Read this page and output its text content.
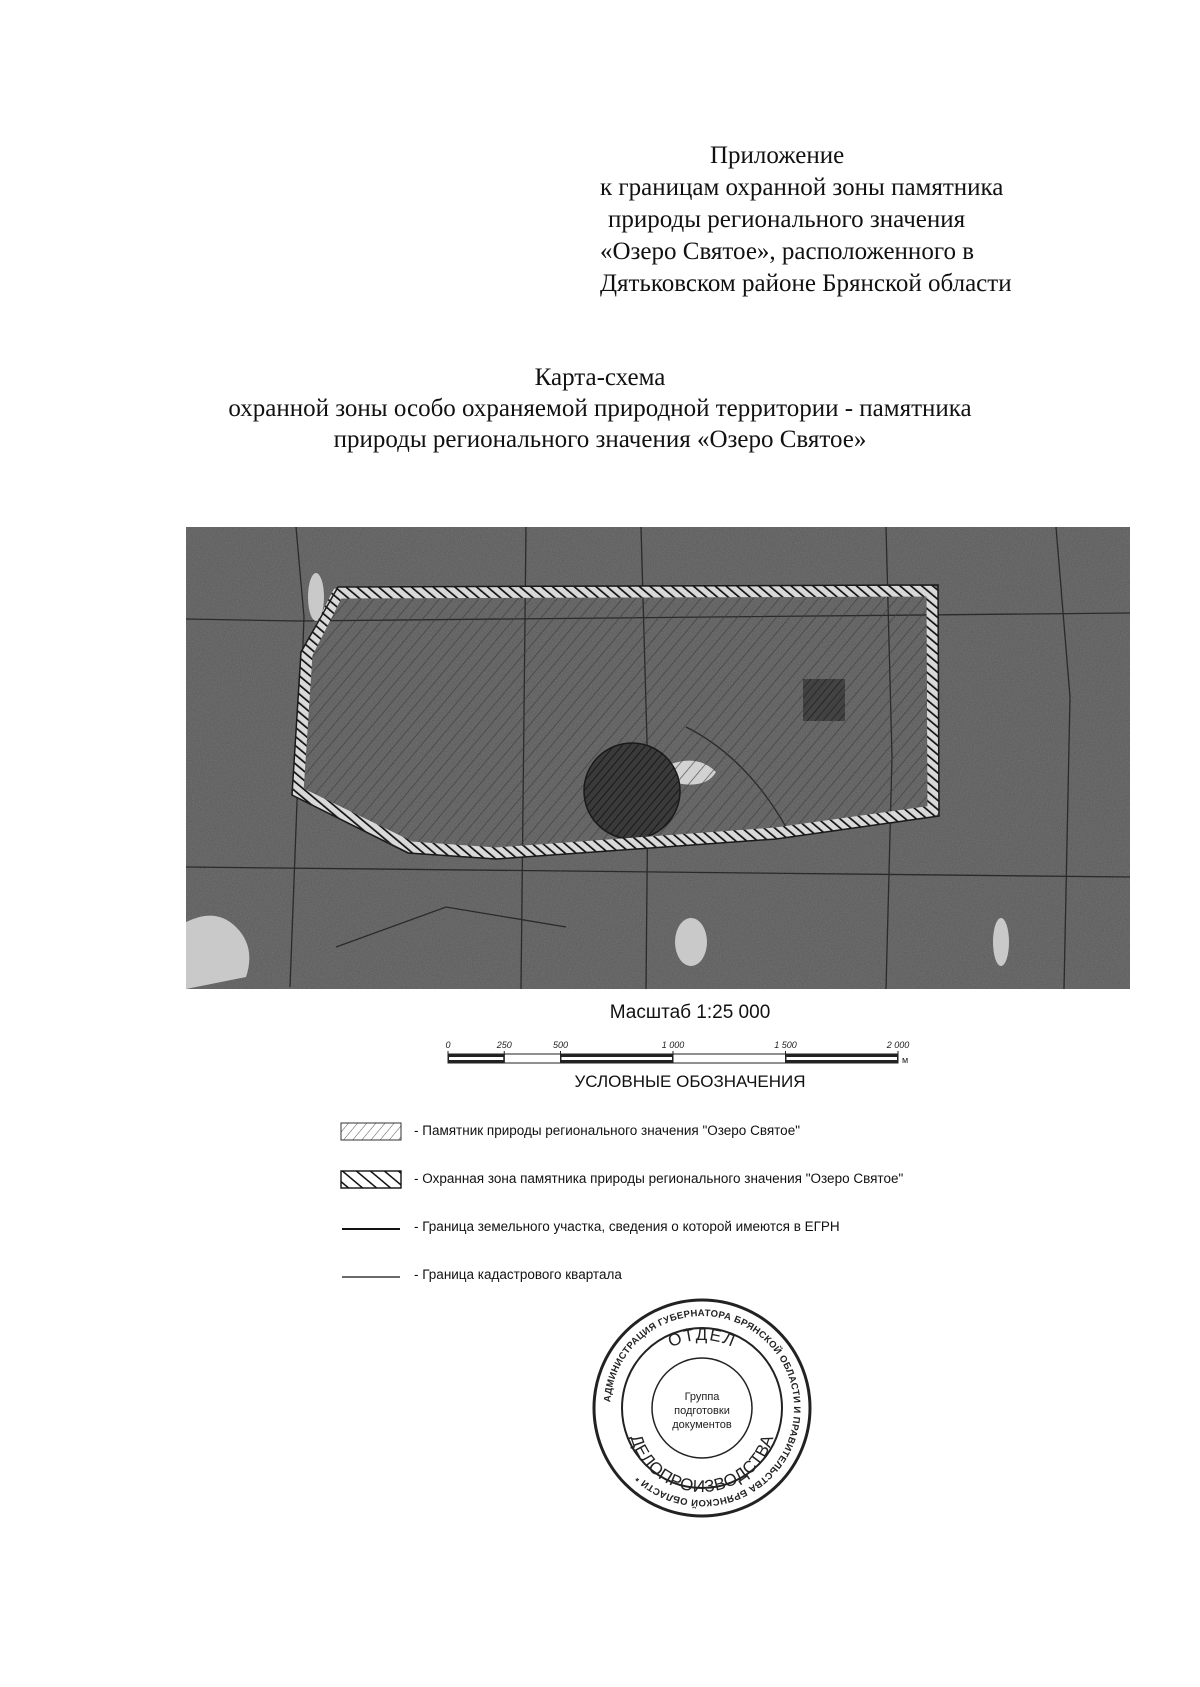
Приложение
к границам охранной зоны памятника
природы регионального значения
«Озеро Святое», расположенного в
Дятьковском районе Брянской области
Карта-схема
охранной зоны особо охраняемой природной территории - памятника
природы регионального значения «Озеро Святое»
Масштаб 1:25 000
0	250	500	1 000	1 500	2 000
м
УСЛОВНЫЕ ОБОЗНАЧЕНИЯ
- Памятник природы регионального значения "Озеро Святое"
- Охранная зона памятника природы регионального значения "Озеро Святое"
- Граница земельного участка, сведения о которой имеются в ЕГРН
- Граница кадастрового квартала
АДМИНИСТРАЦИЯ ГУБЕРНАТОРА БРЯНСКОЙ ОБЛАСТИ И ПРАВИТЕЛЬСТВА БРЯНСКОЙ ОБЛАСТИ *
ОТДЕЛ
ДЕЛОПРОИЗВОДСТВА
Группа
подготовки
документов
